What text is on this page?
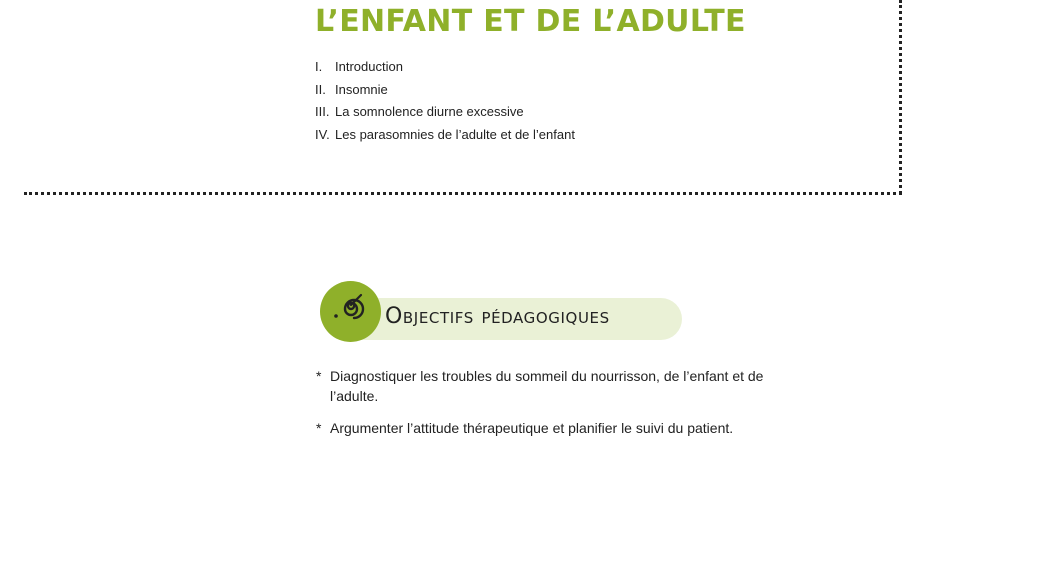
L’ENFANT ET DE L’ADULTE
I. Introduction
II. Insomnie
III. La somnolence diurne excessive
IV. Les parasomnies de l’adulte et de l’enfant
Objectifs pédagogiques
* Diagnostiquer les troubles du sommeil du nourrisson, de l’enfant et de l’adulte.
* Argumenter l’attitude thérapeutique et planifier le suivi du patient.
